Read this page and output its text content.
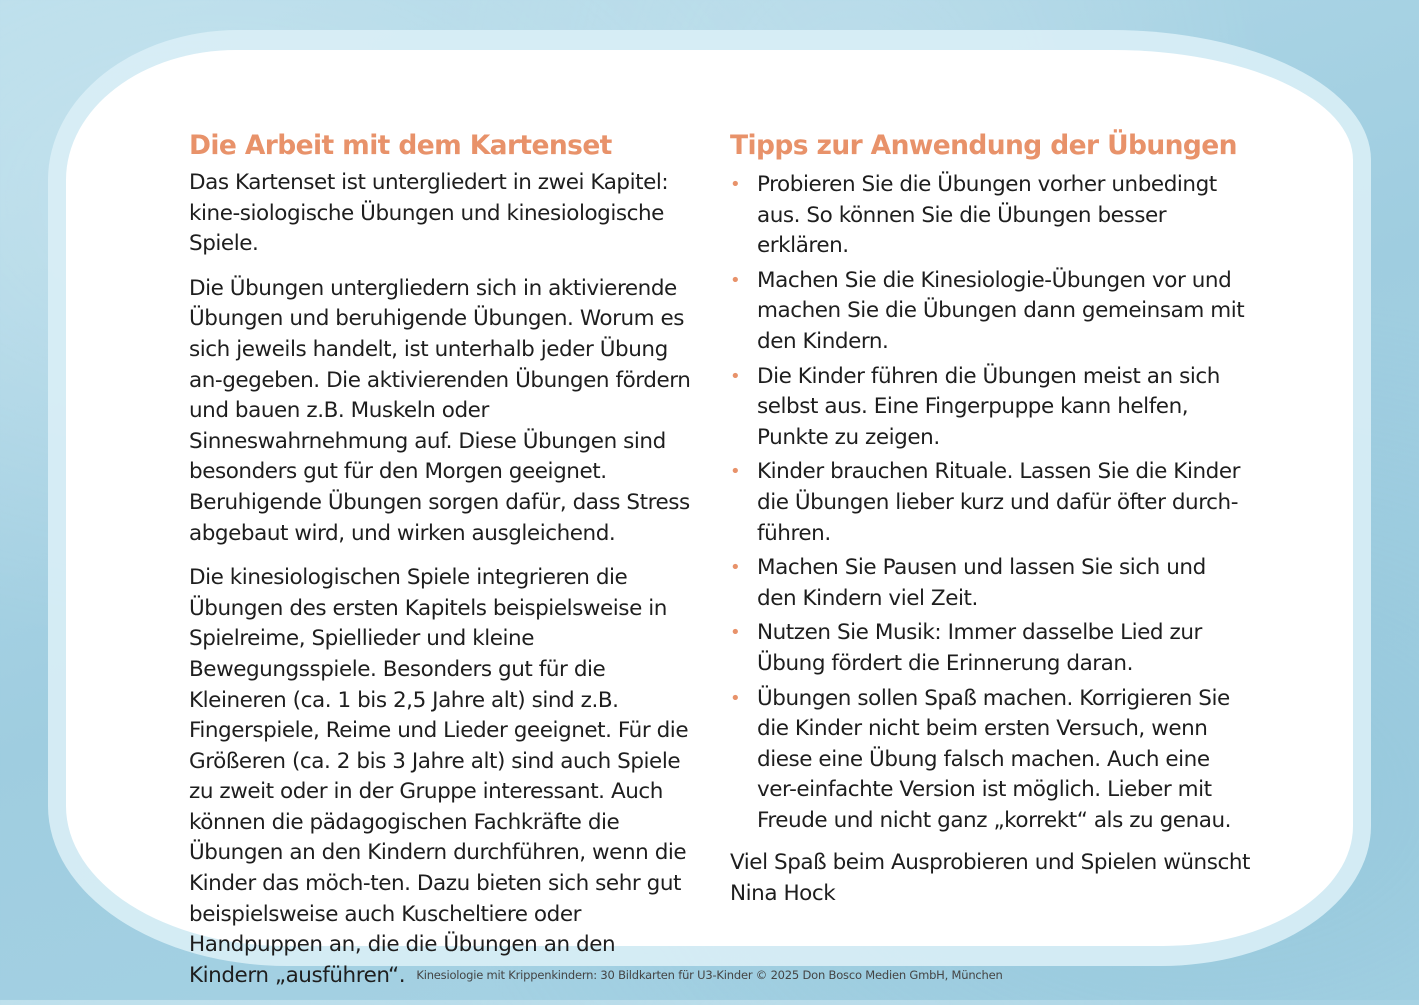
Die Arbeit mit dem Kartenset

Das Kartenset ist untergliedert in zwei Kapitel: kine-siologische Übungen und kinesiologische Spiele.

Die Übungen untergliedern sich in aktivierende Übungen und beruhigende Übungen. Worum es sich jeweils handelt, ist unterhalb jeder Übung an-gegeben. Die aktivierenden Übungen fördern und bauen z.B. Muskeln oder Sinneswahrnehmung auf. Diese Übungen sind besonders gut für den Morgen geeignet. Beruhigende Übungen sorgen dafür, dass Stress abgebaut wird, und wirken ausgleichend.

Die kinesiologischen Spiele integrieren die Übungen des ersten Kapitels beispielsweise in Spielreime, Spiellieder und kleine Bewegungsspiele. Besonders gut für die Kleineren (ca. 1 bis 2,5 Jahre alt) sind z.B. Fingerspiele, Reime und Lieder geeignet. Für die Größeren (ca. 2 bis 3 Jahre alt) sind auch Spiele zu zweit oder in der Gruppe interessant. Auch können die pädagogischen Fachkräfte die Übungen an den Kindern durchführen, wenn die Kinder das möch-ten. Dazu bieten sich sehr gut beispielsweise auch Kuscheltiere oder Handpuppen an, die die Übungen an den Kindern „ausführen“.

Tipps zur Anwendung der Übungen
• Probieren Sie die Übungen vorher unbedingt aus. So können Sie die Übungen besser erklären.
• Machen Sie die Kinesiologie-Übungen vor und machen Sie die Übungen dann gemeinsam mit den Kindern.
• Die Kinder führen die Übungen meist an sich selbst aus. Eine Fingerpuppe kann helfen, Punkte zu zeigen.
• Kinder brauchen Rituale. Lassen Sie die Kinder die Übungen lieber kurz und dafür öfter durch-führen.
• Machen Sie Pausen und lassen Sie sich und den Kindern viel Zeit.
• Nutzen Sie Musik: Immer dasselbe Lied zur Übung fördert die Erinnerung daran.
• Übungen sollen Spaß machen. Korrigieren Sie die Kinder nicht beim ersten Versuch, wenn diese eine Übung falsch machen. Auch eine ver-einfachte Version ist möglich. Lieber mit Freude und nicht ganz „korrekt“ als zu genau.

Viel Spaß beim Ausprobieren und Spielen wünscht

Nina Hock

Kinesiologie mit Krippenkindern: 30 Bildkarten für U3-Kinder © 2025 Don Bosco Medien GmbH, München
